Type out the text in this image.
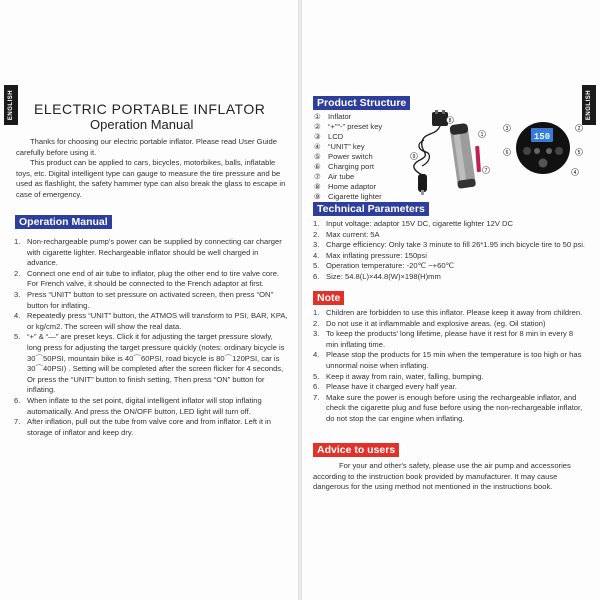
ENGLISH ELECTRIC PORTABLE INFLATOR
Operation Manual
Thanks for choosing our electric portable inflator. Please read User Guide carefully before using it.
This product can be applied to cars, bicycles, motorbikes, balls, inflatable toys, etc. Digital intelligent type can gauge to measure the tire pressure and be used as flashlight, the safety hammer type can also break the glass to escape in case of emergency.
Operation Manual
1. Non-rechargeable pump's power can be supplied by connecting car charger with cigarette lighter. Rechargeable inflator should be well charged in advance.
2. Connect one end of air tube to inflator, plug the other end to tire valve core. For French valve, it should be connected to the French adaptor at first.
3. Press “UNIT” button to set pressure on activated screen, then press “ON” button for inflating.
4. Repeatedly press “UNIT” button, the ATMOS will transform to PSI, BAR, KPA, or kg/cm2. The screen will show the real data.
5. “+” & “—” are preset keys. Click it for adjusting the target pressure slowly, long press for adjusting the target pressure quickly (notes: ordinary bicycle is 30⌒50PSI, mountain bike is 40⌒60PSI, road bicycle is 80⌒120PSI, car is 30⌒40PSI) . Setting will be completed after the screen flicker for 4 seconds, Or press the “UNIT” button to finish setting, Then press “ON” button for inflating.
6. When inflate to the set point, digital intelligent inflator will stop inflating automatically. And press the ON/OFF button, LED light will turn off.
7. After inflation, pull out the tube from valve core and from inflator. Left it in storage of inflator and keep dry.
ENGLISH
Product Structure
① Inflator
② “+”“-” preset key
③ LCD
④ “UNIT” key
⑤ Power switch
⑥ Charging port
⑦ Air tube
⑧ Home adaptor
⑨ Cigarette lighter
8
9
1
7
150
3	2
6	5
4
Technical Parameters
1. Input voltage: adaptor 15V DC, cigarette lighter 12V DC
2. Max current: 5A
3. Charge efficiency: Only take 3 minute to fill 26*1.95 inch bicycle tire to 50 psi.
4. Max inflating pressure: 150psi
5. Operation temperature: -20℃ ~+60℃
6. Size: 54.8(L)×44.8(W)×198(H)mm
Note
1. Children are forbidden to use this inflator. Please keep it away from children.
2. Do not use it at inflammable and explosive areas. (eg. Oil station)
3. To keep the products' long lifetime, please have it rest for 8 min in every 8 min inflating time.
4. Please stop the products for 15 min when the temperature is too high or has unnormal noise when inflating.
5. Keep it away from rain, water, falling, bumping.
6. Please have it charged every half year.
7. Make sure the power is enough before using the rechargeable inflator, and check the cigarette plug and fuse before using the non-rechargeable inflator, do not stop the car engine when inflating.
Advice to users
For your and other's safety, please use the air pump and accessories according to the instruction book provided by manufacturer. It may cause dangerous for the using method not mentioned in the instructions book.
